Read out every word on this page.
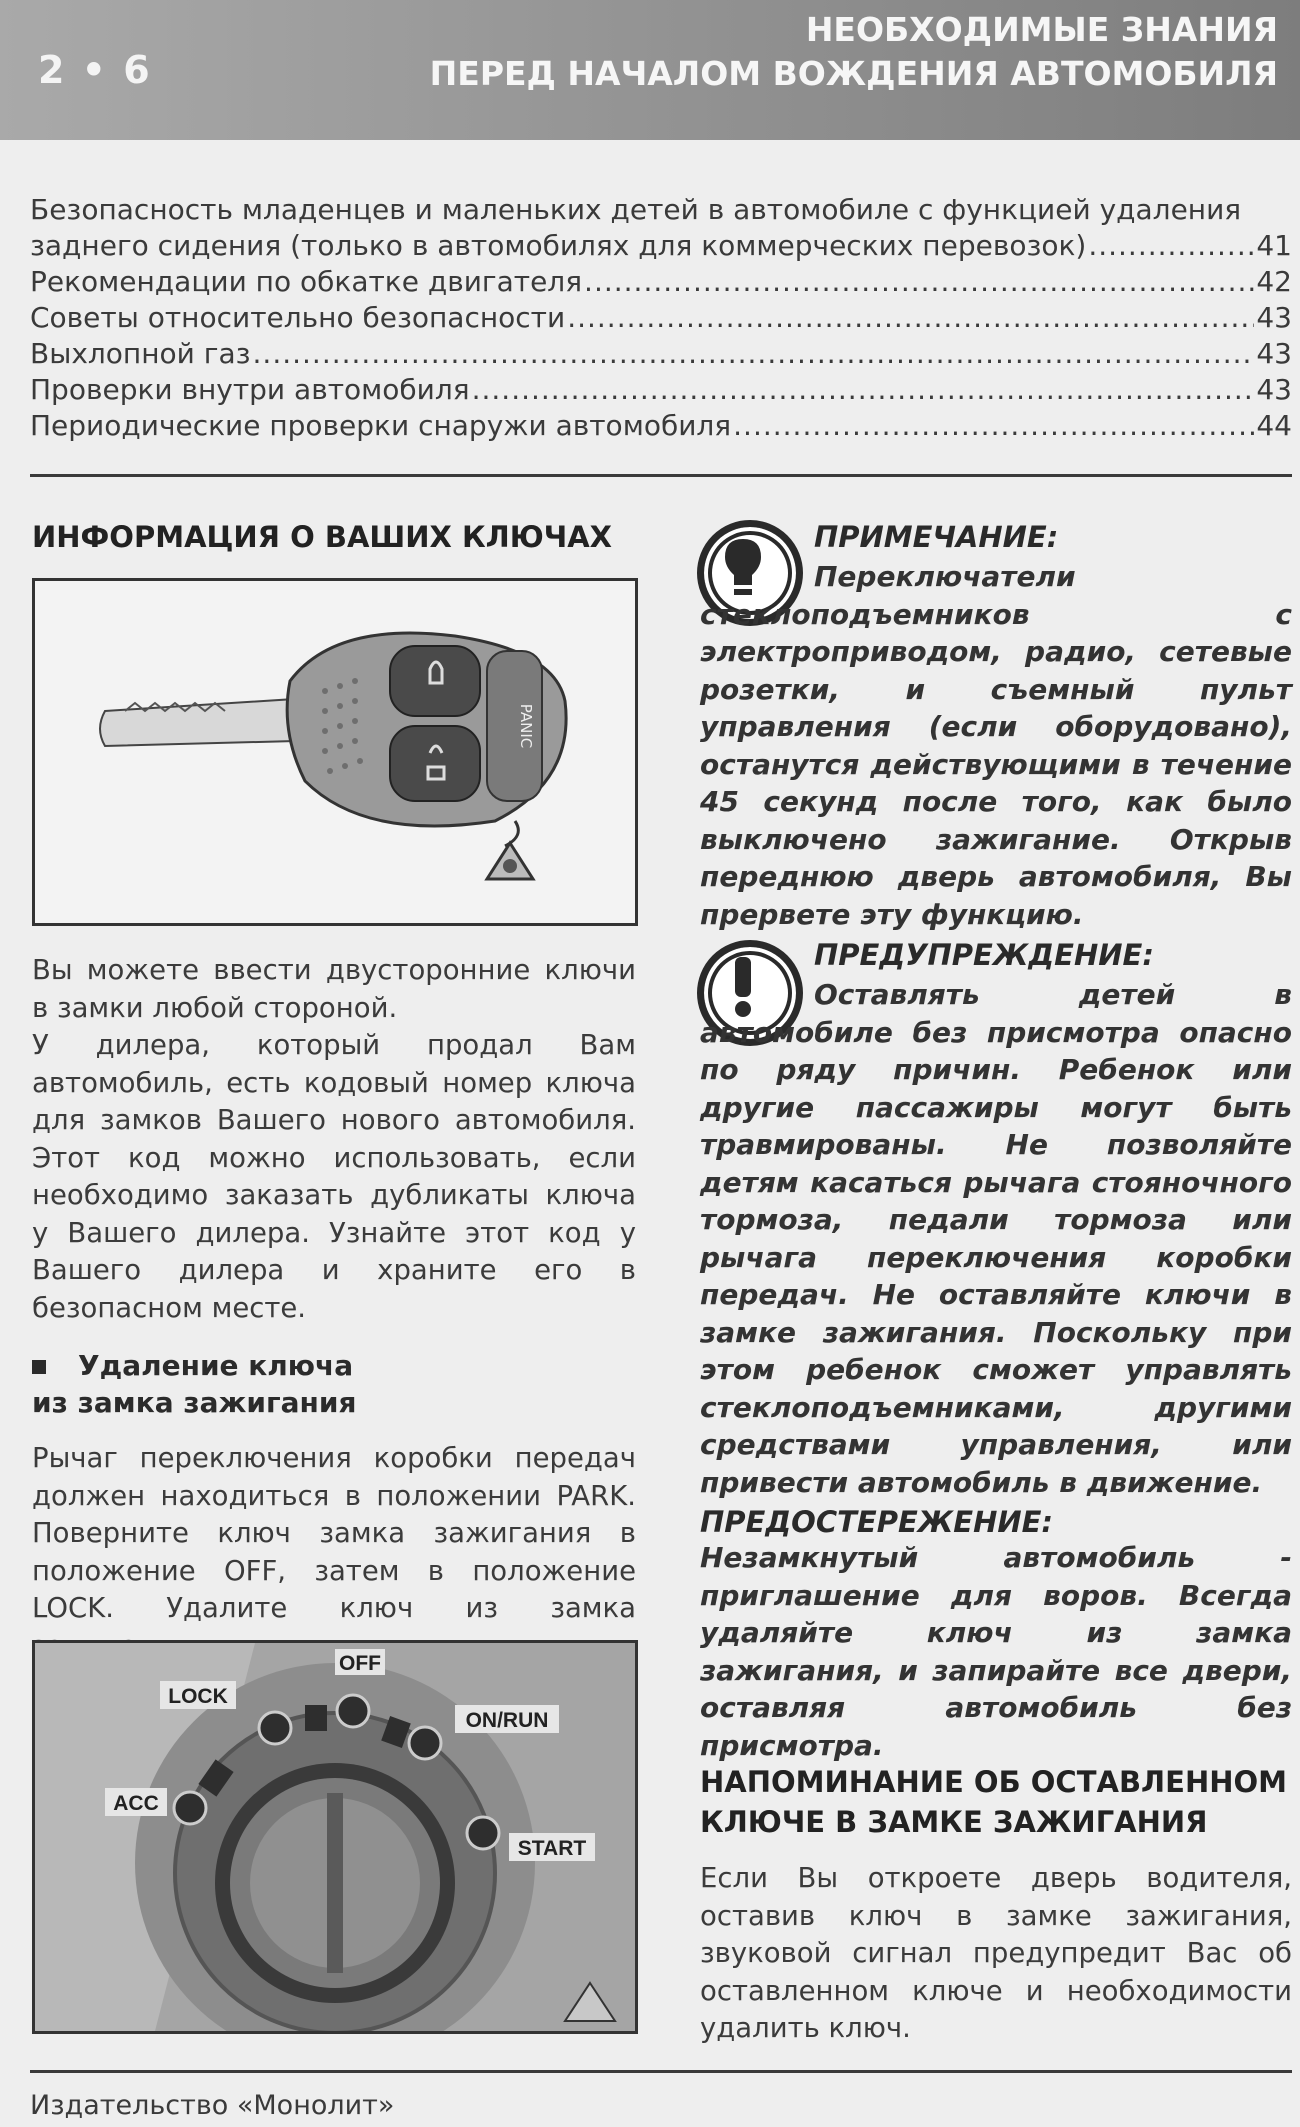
2 • 6
НЕОБХОДИМЫЕ ЗНАНИЯ
ПЕРЕД НАЧАЛОМ ВОЖДЕНИЯ АВТОМОБИЛЯ
Безопасность младенцев и маленьких детей в автомобиле с функцией удаления
заднего сидения (только в автомобилях для коммерческих перевозок) .....	41
Рекомендации по обкатке двигателя .....	42
Советы относительно безопасности .....	43
Выхлопной газ .....	43
Проверки внутри автомобиля .....	43
Периодические проверки снаружи автомобиля .....	44
ИНФОРМАЦИЯ О ВАШИХ КЛЮЧАХ
PANIC

Вы можете ввести двусторонние ключи в замки любой стороной.

У дилера, который продал Вам автомобиль, есть кодовый номер ключа для замков Вашего нового автомобиля. Этот код можно использовать, если необходимо заказать дубликаты ключа у Вашего дилера. Узнайте этот код у Вашего дилера и храните его в безопасном месте.

Удаление ключа
из замка зажигания

Рычаг переключения коробки передач должен находиться в положении PARK. Поверните ключ замка зажигания в положение OFF, затем в положение LOCK. Удалите ключ из замка

OFF
LOCK
ON/RUN
ACC
START
ПРИМЕЧАНИЕ:
Переключатели стеклоподъемников с электроприводом, радио, сетевые розетки, и съемный пульт управления (если оборудовано), останутся действующими в течение 45 секунд после того, как было выключено зажигание. Открыв переднюю дверь автомобиля, Вы прервете эту функцию.
ПРЕДУПРЕЖДЕНИЕ:
Оставлять детей в автомобиле без присмотра опасно по ряду причин. Ребенок или другие пассажиры могут быть травмированы. Не позволяйте детям касаться рычага стояночного тормоза, педали тормоза или рычага переключения коробки передач. Не оставляйте ключи в замке зажигания. Поскольку при этом ребенок сможет управлять стеклоподъемниками, другими средствами управления, или привести автомобиль в движение.
ПРЕДОСТЕРЕЖЕНИЕ:
Незамкнутый автомобиль - приглашение для воров. Всегда удаляйте ключ из замка зажигания, и запирайте все двери, оставляя автомобиль без присмотра.
НАПОМИНАНИЕ ОБ ОСТАВЛЕННОМ
КЛЮЧЕ В ЗАМКЕ ЗАЖИГАНИЯ
Если Вы откроете дверь водителя, оставив ключ в замке зажигания, звуковой сигнал предупредит Вас об оставленном ключе и необходимости удалить ключ.
Издательство «Монолит»
